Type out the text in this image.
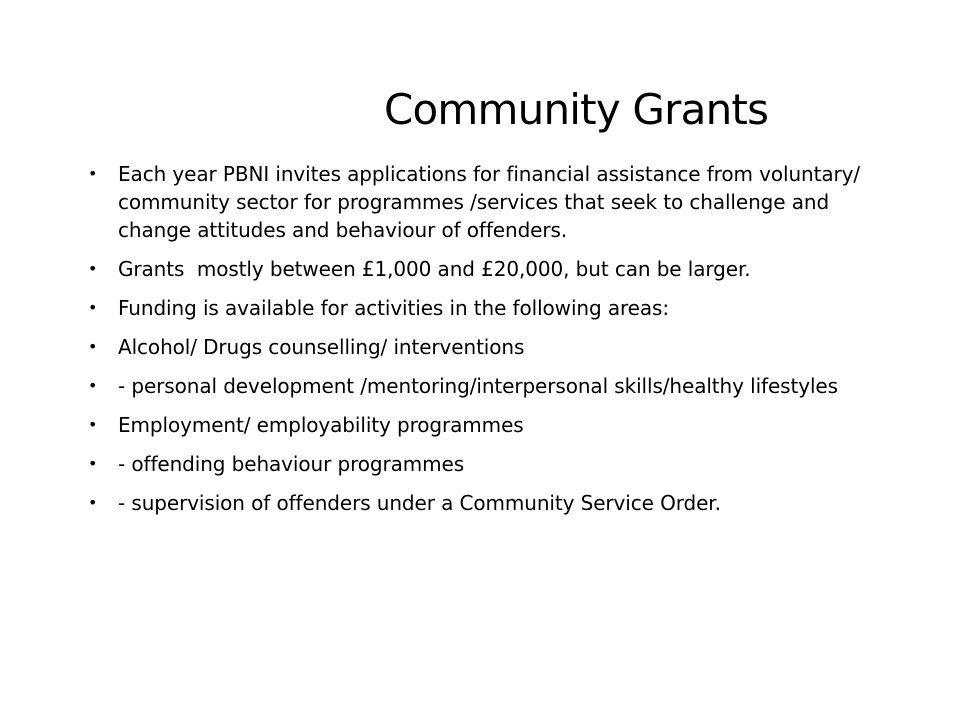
Community Grants
• Each year PBNI invites applications for financial assistance from voluntary/ community sector for programmes /services that seek to challenge and change attitudes and behaviour of offenders.
• Grants  mostly between £1,000 and £20,000, but can be larger.
• Funding is available for activities in the following areas:
• Alcohol/ Drugs counselling/ interventions
• - personal development /mentoring/interpersonal skills/healthy lifestyles
• Employment/ employability programmes
• - offending behaviour programmes
• - supervision of offenders under a Community Service Order.
